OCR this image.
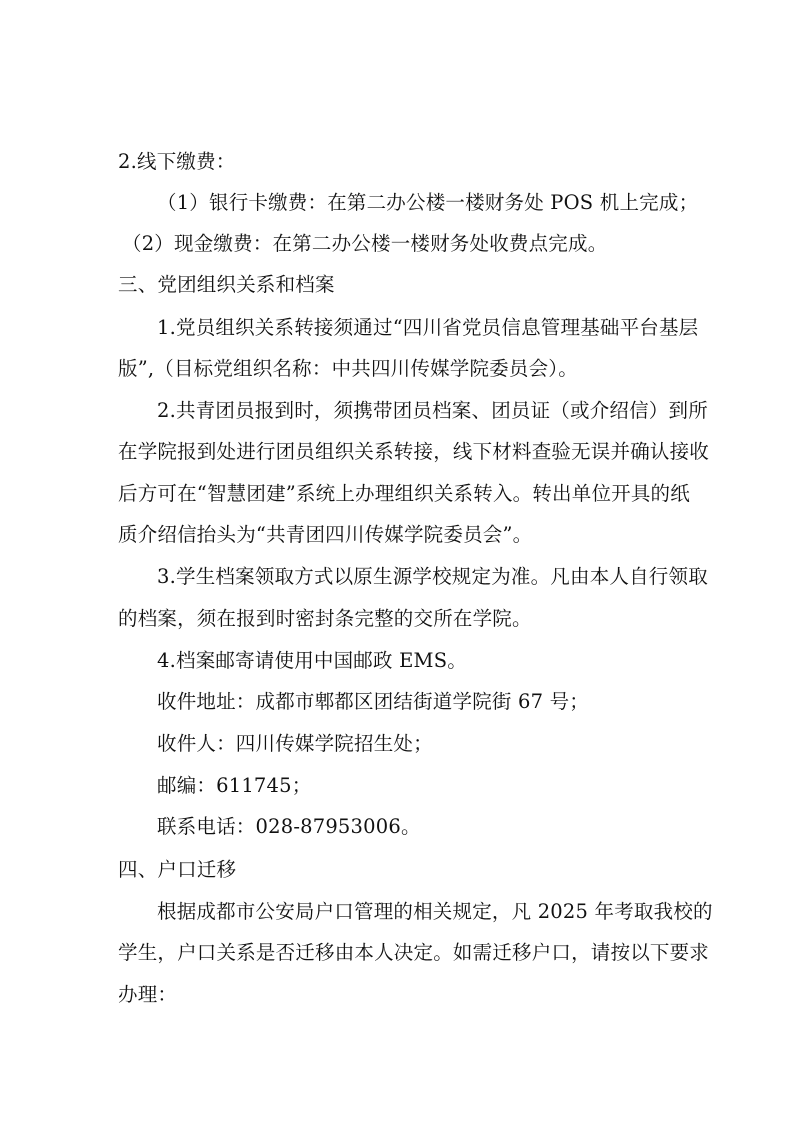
2.线下缴费：
（1）银行卡缴费：在第二办公楼一楼财务处 POS 机上完成；
（2）现金缴费：在第二办公楼一楼财务处收费点完成。
三、党团组织关系和档案
1.党员组织关系转接须通过“四川省党员信息管理基础平台基层
版”,（目标党组织名称：中共四川传媒学院委员会）。
2.共青团员报到时，须携带团员档案、团员证（或介绍信）到所
在学院报到处进行团员组织关系转接，线下材料查验无误并确认接收
后方可在“智慧团建”系统上办理组织关系转入。转出单位开具的纸
质介绍信抬头为“共青团四川传媒学院委员会”。
3.学生档案领取方式以原生源学校规定为准。凡由本人自行领取
的档案，须在报到时密封条完整的交所在学院。
4.档案邮寄请使用中国邮政 EMS。
收件地址：成都市郫都区团结街道学院街 67 号；
收件人：四川传媒学院招生处；
邮编：611745；
联系电话：028-87953006。
四、户口迁移
根据成都市公安局户口管理的相关规定，凡 2025 年考取我校的
学生，户口关系是否迁移由本人决定。如需迁移户口，请按以下要求
办理：
